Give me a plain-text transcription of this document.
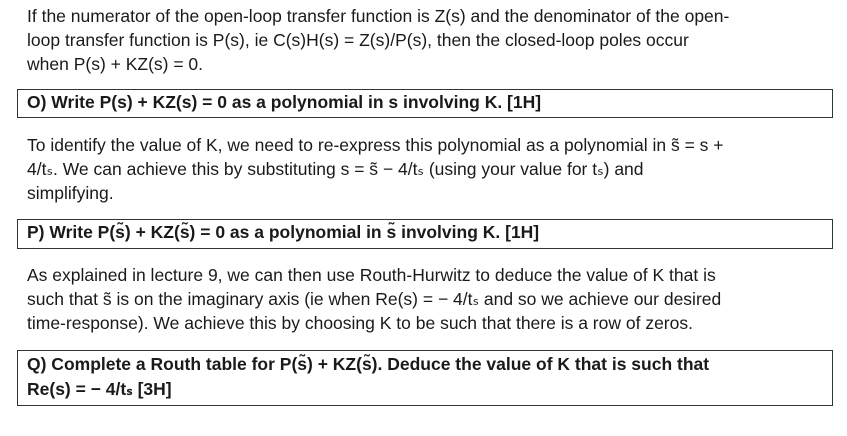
If the numerator of the open-loop transfer function is Z(s) and the denominator of the open-
loop transfer function is P(s), ie C(s)H(s) = Z(s)/P(s), then the closed-loop poles occur
when P(s) + KZ(s) = 0.
O) Write P(s) + KZ(s) = 0 as a polynomial in s involving K. [1H]
To identify the value of K, we need to re-express this polynomial as a polynomial in s̃ = s +
4/tₛ. We can achieve this by substituting s = s̃ − 4/tₛ (using your value for tₛ) and
simplifying.
P) Write P(s̃) + KZ(s̃) = 0 as a polynomial in s̃ involving K. [1H]
As explained in lecture 9, we can then use Routh-Hurwitz to deduce the value of K that is
such that s̃ is on the imaginary axis (ie when Re(s) = − 4/tₛ and so we achieve our desired
time-response). We achieve this by choosing K to be such that there is a row of zeros.
Q) Complete a Routh table for P(s̃) + KZ(s̃). Deduce the value of K that is such that
Re(s) = − 4/tₛ [3H]
